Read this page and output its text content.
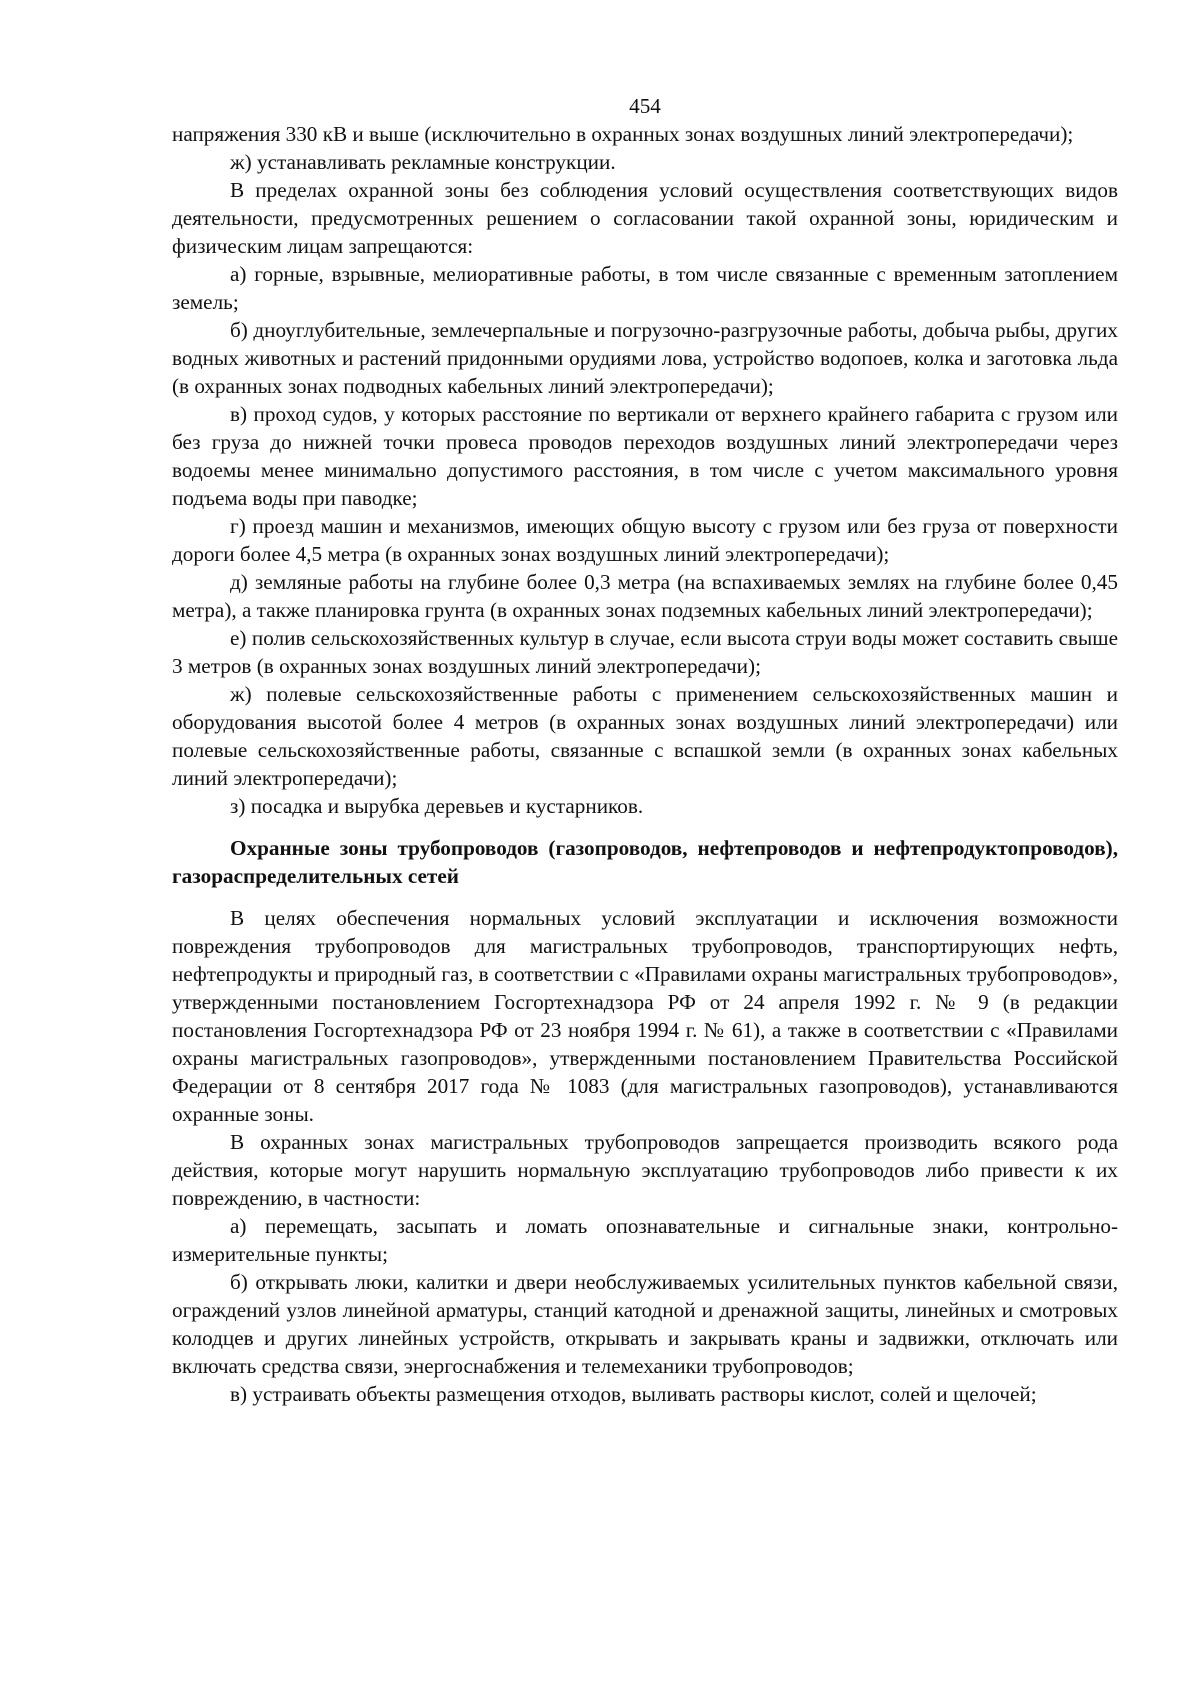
454

напряжения 330 кВ и выше (исключительно в охранных зонах воздушных линий электропередачи);

ж) устанавливать рекламные конструкции.

В пределах охранной зоны без соблюдения условий осуществления соответствующих видов деятельности, предусмотренных решением о согласовании такой охранной зоны, юридическим и физическим лицам запрещаются:

а) горные, взрывные, мелиоративные работы, в том числе связанные с временным затоплением земель;

б) дноуглубительные, землечерпальные и погрузочно-разгрузочные работы, добыча рыбы, других водных животных и растений придонными орудиями лова, устройство водопоев, колка и заготовка льда (в охранных зонах подводных кабельных линий электропередачи);

в) проход судов, у которых расстояние по вертикали от верхнего крайнего габарита с грузом или без груза до нижней точки провеса проводов переходов воздушных линий электропередачи через водоемы менее минимально допустимого расстояния, в том числе с учетом максимального уровня подъема воды при паводке;

г) проезд машин и механизмов, имеющих общую высоту с грузом или без груза от поверхности дороги более 4,5 метра (в охранных зонах воздушных линий электропередачи);

д) земляные работы на глубине более 0,3 метра (на вспахиваемых землях на глубине более 0,45 метра), а также планировка грунта (в охранных зонах подземных кабельных линий электропередачи);

е) полив сельскохозяйственных культур в случае, если высота струи воды может составить свыше 3 метров (в охранных зонах воздушных линий электропередачи);

ж) полевые сельскохозяйственные работы с применением сельскохозяйственных машин и оборудования высотой более 4 метров (в охранных зонах воздушных линий электропередачи) или полевые сельскохозяйственные работы, связанные с вспашкой земли (в охранных зонах кабельных линий электропередачи);

з) посадка и вырубка деревьев и кустарников.

Охранные зоны трубопроводов (газопроводов, нефтепроводов и нефтепродуктопроводов), газораспределительных сетей

В целях обеспечения нормальных условий эксплуатации и исключения возможности повреждения трубопроводов для магистральных трубопроводов, транспортирующих нефть, нефтепродукты и природный газ, в соответствии с «Правилами охраны магистральных трубопроводов», утвержденными постановлением Госгортехнадзора РФ от 24 апреля 1992 г. № 9 (в редакции постановления Госгортехнадзора РФ от 23 ноября 1994 г. № 61), а также в соответствии с «Правилами охраны магистральных газопроводов», утвержденными постановлением Правительства Российской Федерации от 8 сентября 2017 года № 1083 (для магистральных газопроводов), устанавливаются охранные зоны.

В охранных зонах магистральных трубопроводов запрещается производить всякого рода действия, которые могут нарушить нормальную эксплуатацию трубопроводов либо привести к их повреждению, в частности:

а) перемещать, засыпать и ломать опознавательные и сигнальные знаки, контрольно-измерительные пункты;

б) открывать люки, калитки и двери необслуживаемых усилительных пунктов кабельной связи, ограждений узлов линейной арматуры, станций катодной и дренажной защиты, линейных и смотровых колодцев и других линейных устройств, открывать и закрывать краны и задвижки, отключать или включать средства связи, энергоснабжения и телемеханики трубопроводов;

в) устраивать объекты размещения отходов, выливать растворы кислот, солей и щелочей;
